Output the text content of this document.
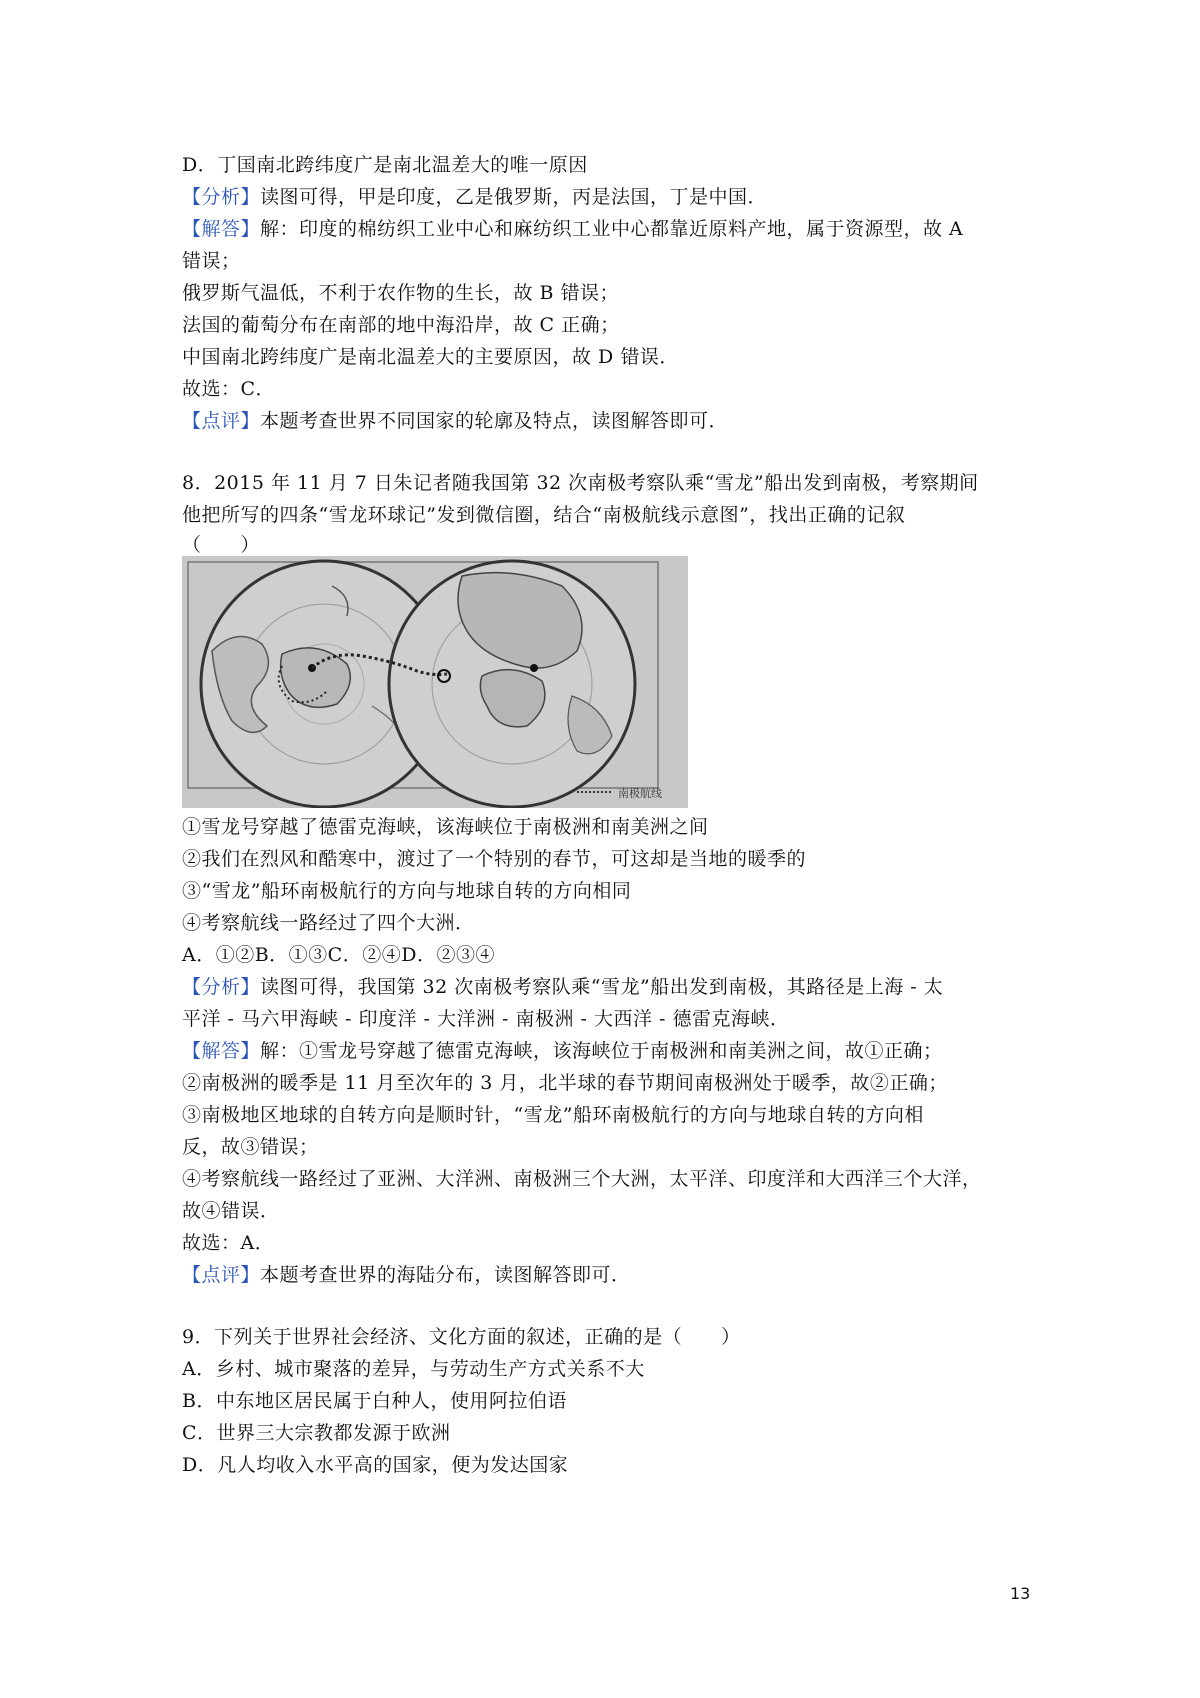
D．丁国南北跨纬度广是南北温差大的唯一原因
【分析】读图可得，甲是印度，乙是俄罗斯，丙是法国，丁是中国．
【解答】解：印度的棉纺织工业中心和麻纺织工业中心都靠近原料产地，属于资源型，故 A
错误；
俄罗斯气温低，不利于农作物的生长，故 B 错误；
法国的葡萄分布在南部的地中海沿岸，故 C 正确；
中国南北跨纬度广是南北温差大的主要原因，故 D 错误．
故选：C．
【点评】本题考查世界不同国家的轮廓及特点，读图解答即可．
8．2015 年 11 月 7 日朱记者随我国第 32 次南极考察队乘“雪龙”船出发到南极，考察期间
他把所写的四条“雪龙环球记”发到微信圈，结合“南极航线示意图”，找出正确的记叙
（　　）
南极航线
①雪龙号穿越了德雷克海峡，该海峡位于南极洲和南美洲之间
②我们在烈风和酷寒中，渡过了一个特别的春节，可这却是当地的暖季的
③“雪龙”船环南极航行的方向与地球自转的方向相同
④考察航线一路经过了四个大洲．
A．①②B．①③C．②④D．②③④
【分析】读图可得，我国第 32 次南极考察队乘“雪龙”船出发到南极，其路径是上海 - 太
平洋 - 马六甲海峡 - 印度洋 - 大洋洲 - 南极洲 - 大西洋 - 德雷克海峡．
【解答】解：①雪龙号穿越了德雷克海峡，该海峡位于南极洲和南美洲之间，故①正确；
②南极洲的暖季是 11 月至次年的 3 月，北半球的春节期间南极洲处于暖季，故②正确；
③南极地区地球的自转方向是顺时针，“雪龙”船环南极航行的方向与地球自转的方向相
反，故③错误；
④考察航线一路经过了亚洲、大洋洲、南极洲三个大洲，太平洋、印度洋和大西洋三个大洋，
故④错误．
故选：A．
【点评】本题考查世界的海陆分布，读图解答即可．
9．下列关于世界社会经济、文化方面的叙述，正确的是（　　）
A．乡村、城市聚落的差异，与劳动生产方式关系不大
B．中东地区居民属于白种人，使用阿拉伯语
C．世界三大宗教都发源于欧洲
D．凡人均收入水平高的国家，便为发达国家
13
